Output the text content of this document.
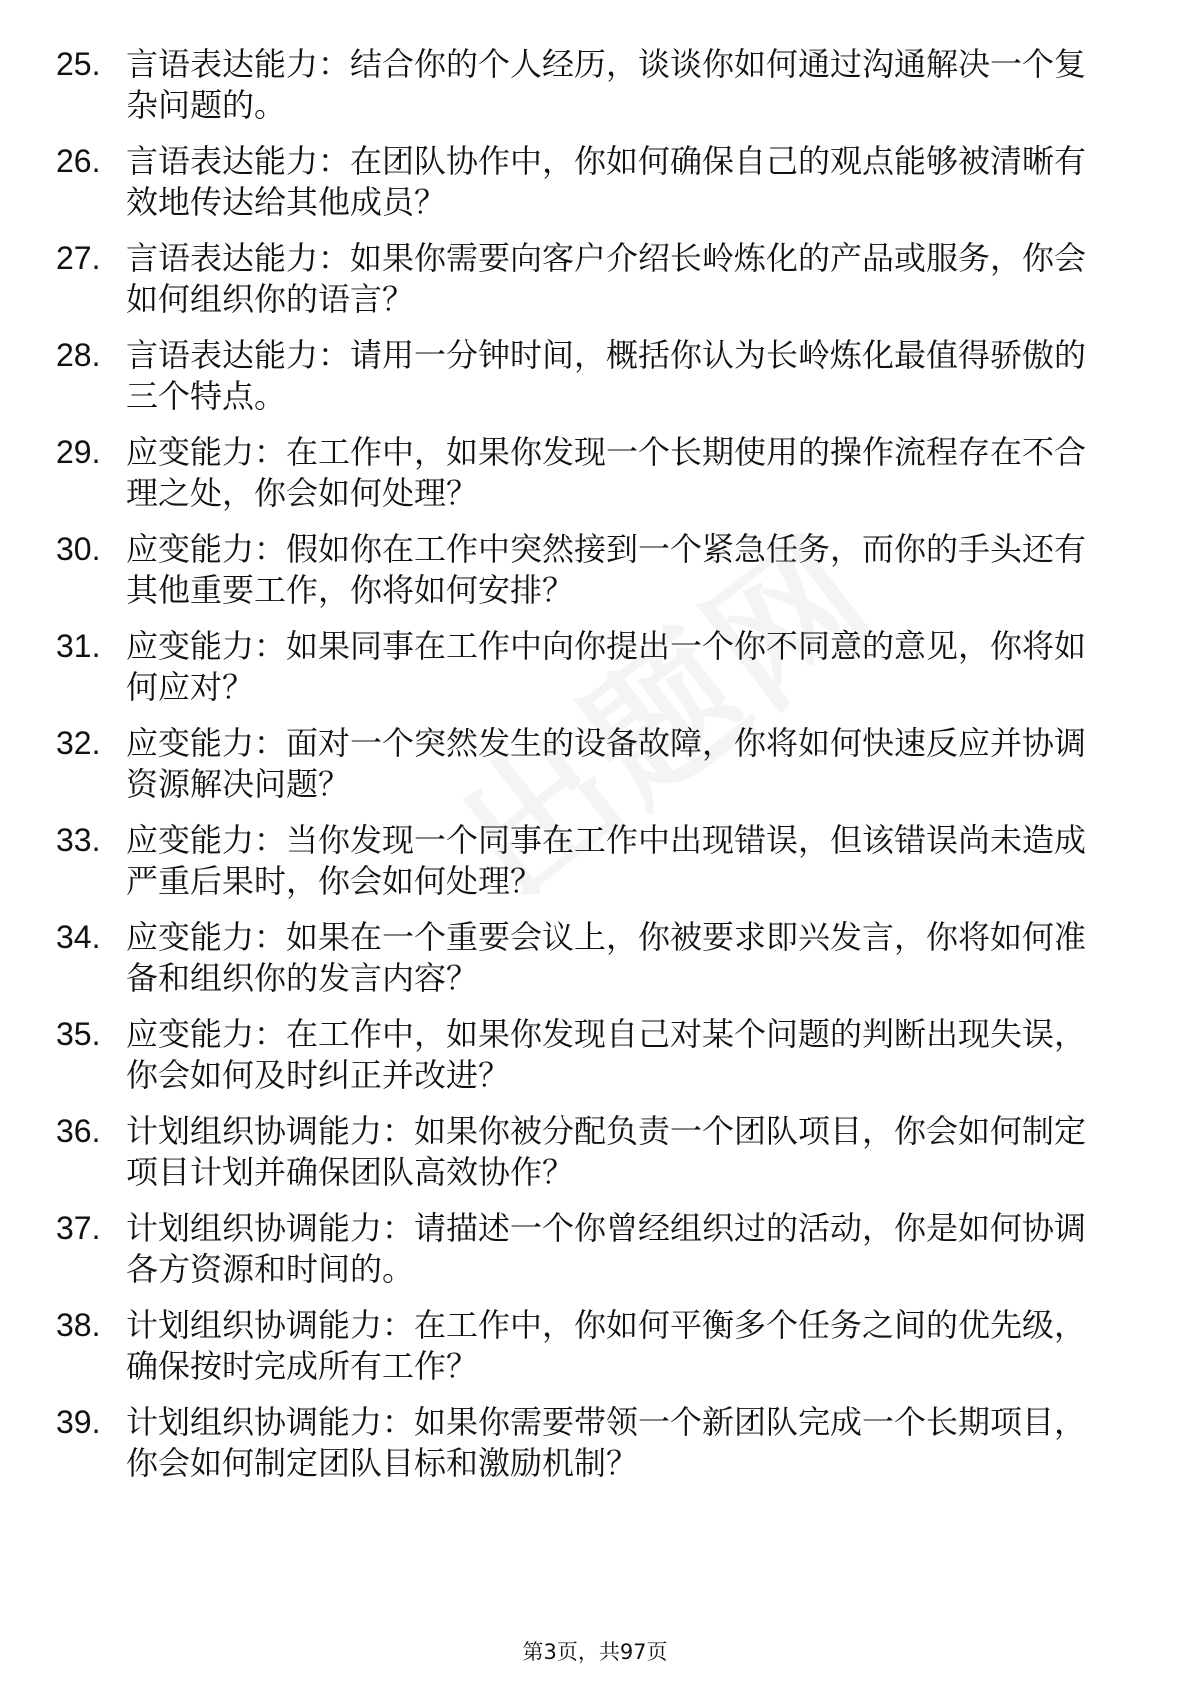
25. 言语表达能力：结合你的个人经历，谈谈你如何通过沟通解决一个复杂问题的。
26. 言语表达能力：在团队协作中，你如何确保自己的观点能够被清晰有效地传达给其他成员？
27. 言语表达能力：如果你需要向客户介绍长岭炼化的产品或服务，你会如何组织你的语言？
28. 言语表达能力：请用一分钟时间，概括你认为长岭炼化最值得骄傲的三个特点。
29. 应变能力：在工作中，如果你发现一个长期使用的操作流程存在不合理之处，你会如何处理？
30. 应变能力：假如你在工作中突然接到一个紧急任务，而你的手头还有其他重要工作，你将如何安排？
31. 应变能力：如果同事在工作中向你提出一个你不同意的意见，你将如何应对？
32. 应变能力：面对一个突然发生的设备故障，你将如何快速反应并协调资源解决问题？
33. 应变能力：当你发现一个同事在工作中出现错误，但该错误尚未造成严重后果时，你会如何处理？
34. 应变能力：如果在一个重要会议上，你被要求即兴发言，你将如何准备和组织你的发言内容？
35. 应变能力：在工作中，如果你发现自己对某个问题的判断出现失误，你会如何及时纠正并改进？
36. 计划组织协调能力：如果你被分配负责一个团队项目，你会如何制定项目计划并确保团队高效协作？
37. 计划组织协调能力：请描述一个你曾经组织过的活动，你是如何协调各方资源和时间的。
38. 计划组织协调能力：在工作中，你如何平衡多个任务之间的优先级，确保按时完成所有工作？
39. 计划组织协调能力：如果你需要带领一个新团队完成一个长期项目，你会如何制定团队目标和激励机制？
第3页，共97页
